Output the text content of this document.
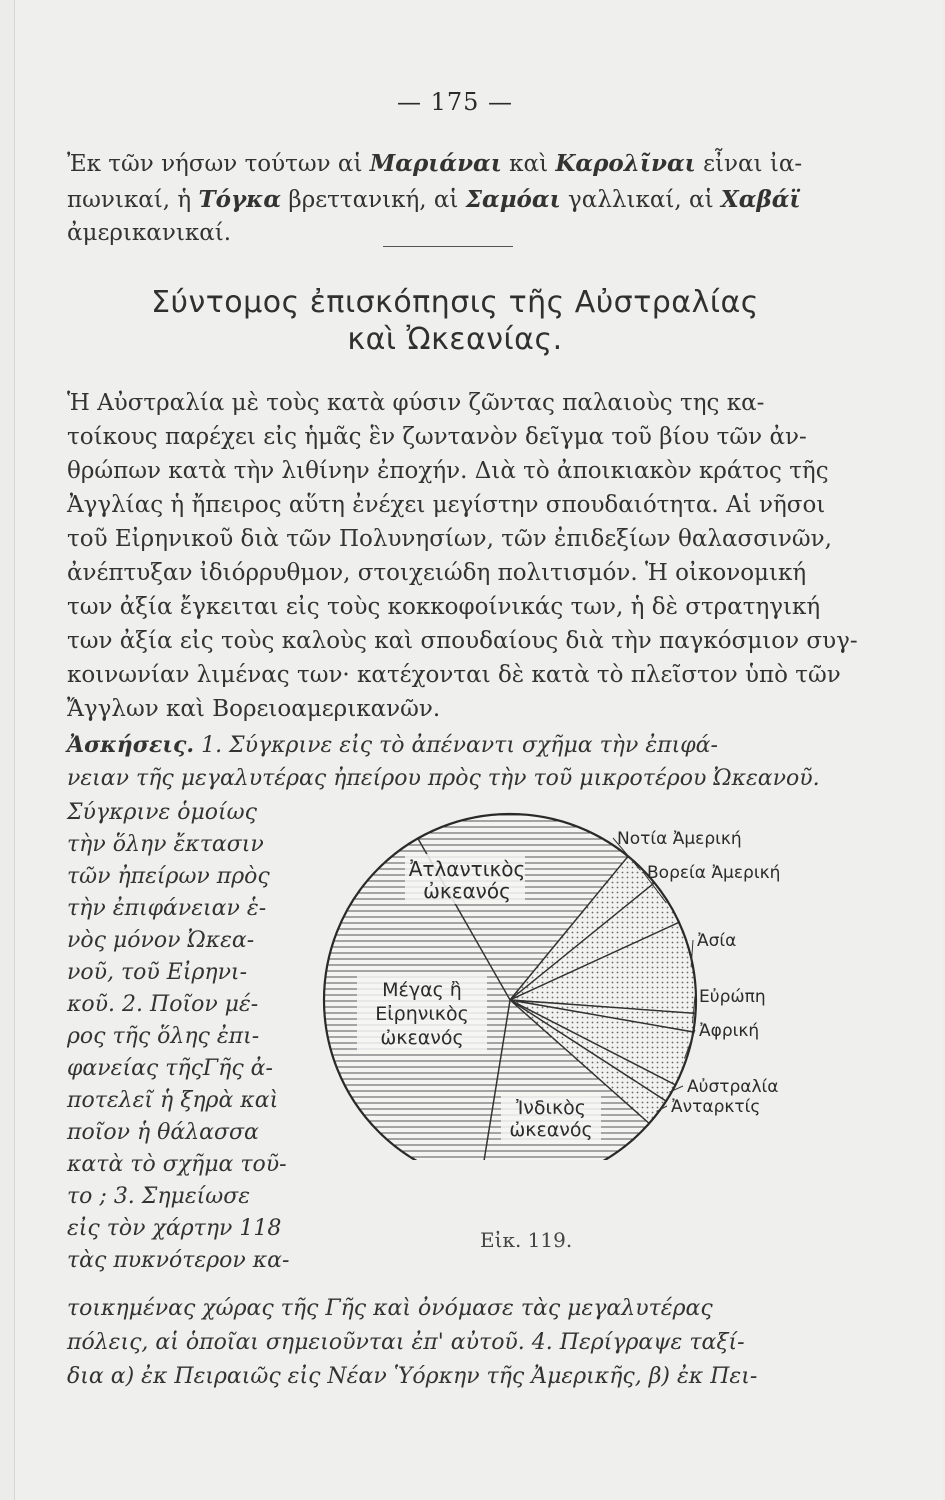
— 175 —
Ἐκ τῶν νήσων τούτων αἱ Μαριάναι καὶ Καρολῖναι εἶναι ἰα-
πωνικαί, ἡ Τόγκα βρεττανική, αἱ Σαμόαι γαλλικαί, αἱ Χαβάϊ
ἀμερικανικαί.
Σύντομος ἐπισκόπησις τῆς Αὐστραλίας
καὶ Ὠκεανίας.
Ἡ Αὐστραλία μὲ τοὺς κατὰ φύσιν ζῶντας παλαιοὺς της κα-
τοίκους παρέχει εἰς ἡμᾶς ἓν ζωντανὸν δεῖγμα τοῦ βίου τῶν ἀν-
θρώπων κατὰ τὴν λιθίνην ἐποχήν. Διὰ τὸ ἀποικιακὸν κράτος τῆς
Ἀγγλίας ἡ ἤπειρος αὕτη ἐνέχει μεγίστην σπουδαιότητα. Αἱ νῆσοι
τοῦ Εἰρηνικοῦ διὰ τῶν Πολυνησίων, τῶν ἐπιδεξίων θαλασσινῶν,
ἀνέπτυξαν ἰδιόρρυθμον, στοιχειώδη πολιτισμόν. Ἡ οἰκονομική
των ἀξία ἔγκειται εἰς τοὺς κοκκοφοίνικάς των, ἡ δὲ στρατηγική
των ἀξία εἰς τοὺς καλοὺς καὶ σπουδαίους διὰ τὴν παγκόσμιον συγ-
κοινωνίαν λιμένας των· κατέχονται δὲ κατὰ τὸ πλεῖστον ὑπὸ τῶν
Ἄγγλων καὶ Βορειοαμερικανῶν.
Ἀσκήσεις. 1. Σύγκρινε εἰς τὸ ἀπέναντι σχῆμα τὴν ἐπιφά-
νειαν τῆς μεγαλυτέρας ἠπείρου πρὸς τὴν τοῦ μικροτέρου Ὠκεανοῦ.
Σύγκρινε ὁμοίως
τὴν ὅλην ἔκτασιν
τῶν ἠπείρων πρὸς
τὴν ἐπιφάνειαν ἑ-
νὸς μόνον Ὠκεα-
νοῦ, τοῦ Εἰρηνι-
κοῦ. 2. Ποῖον μέ-
ρος τῆς ὅλης ἐπι-
φανείας τῆςΓῆς ἀ-
ποτελεῖ ἡ ξηρὰ καὶ
ποῖον ἡ θάλασσα
κατὰ τὸ σχῆμα τοῦ-
το ; 3. Σημείωσε
εἰς τὸν χάρτην 118
τὰς πυκνότερον κα-
Ἀτλαντικὸς
ὠκεανός
Μέγας ἢ
Εἰρηνικὸς
ὠκεανός
Ἰνδικὸς
ὠκεανός
Νοτία Ἀμερική
Βορεία Ἀμερική
Ἀσία
Εὐρώπη
Ἀφρική
Αὐστραλία
Ἀνταρκτίς
Εἰκ. 119.
τοικημένας χώρας τῆς Γῆς καὶ ὀνόμασε τὰς μεγαλυτέρας
πόλεις, αἱ ὁποῖαι σημειοῦνται ἐπ' αὐτοῦ. 4. Περίγραψε ταξί-
δια α) ἐκ Πειραιῶς εἰς Νέαν Ὑόρκην τῆς Ἀμερικῆς, β) ἐκ Πει-
